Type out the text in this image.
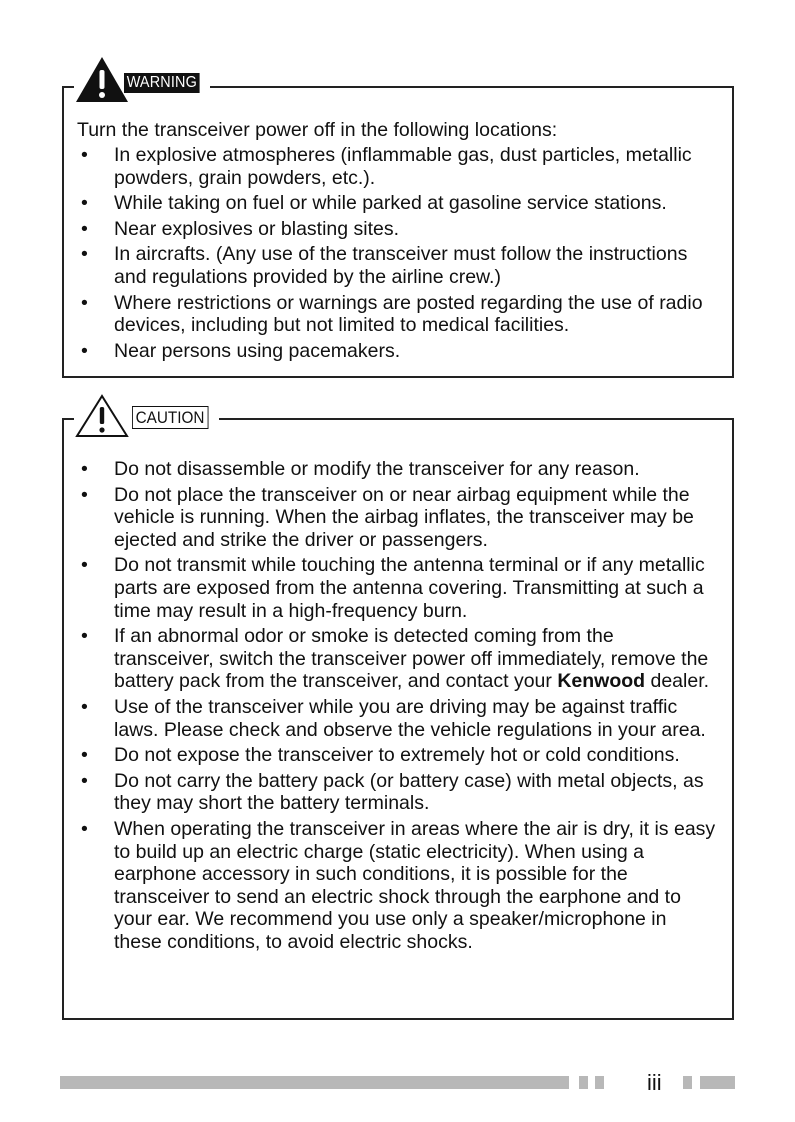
WARNING
Turn the transceiver power off in the following locations:
• In explosive atmospheres (inflammable gas, dust particles, metallic powders, grain powders, etc.).
• While taking on fuel or while parked at gasoline service stations.
• Near explosives or blasting sites.
• In aircrafts. (Any use of the transceiver must follow the instructions and regulations provided by the airline crew.)
• Where restrictions or warnings are posted regarding the use of radio devices, including but not limited to medical facilities.
• Near persons using pacemakers.
CAUTION
• Do not disassemble or modify the transceiver for any reason.
• Do not place the transceiver on or near airbag equipment while the vehicle is running. When the airbag inflates, the transceiver may be ejected and strike the driver or passengers.
• Do not transmit while touching the antenna terminal or if any metallic parts are exposed from the antenna covering. Transmitting at such a time may result in a high-frequency burn.
• If an abnormal odor or smoke is detected coming from the transceiver, switch the transceiver power off immediately, remove the battery pack from the transceiver, and contact your Kenwood dealer.
• Use of the transceiver while you are driving may be against traffic laws. Please check and observe the vehicle regulations in your area.
• Do not expose the transceiver to extremely hot or cold conditions.
• Do not carry the battery pack (or battery case) with metal objects, as they may short the battery terminals.
• When operating the transceiver in areas where the air is dry, it is easy to build up an electric charge (static electricity). When using a earphone accessory in such conditions, it is possible for the transceiver to send an electric shock through the earphone and to your ear. We recommend you use only a speaker/microphone in these conditions, to avoid electric shocks.
iii
